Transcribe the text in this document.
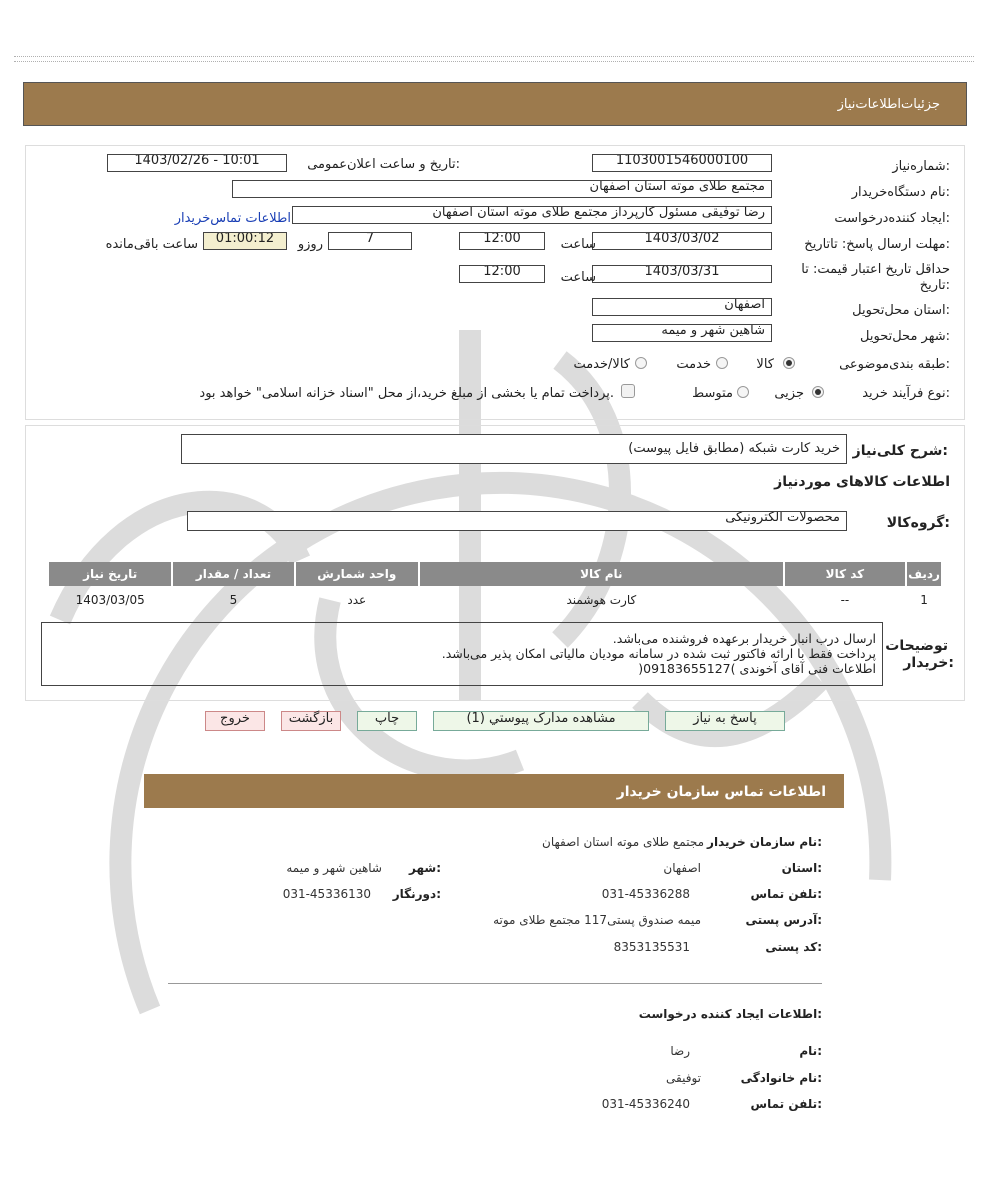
جزئیات‌اطلاعات‌نیاز
شماره‌نیاز:
1103001546000100
تاریخ و ساعت اعلان‌عمومی:
1403/02/26 - 10:01
نام دستگاه‌خریدار:
مجتمع طلای موته استان اصفهان
ایجاد کننده‌درخواست:
رضا توفیقی مسئول کارپرداز مجتمع طلای موته استان اصفهان
اطلاعات تماس‌خریدار
مهلت ارسال پاسخ: تاتاریخ:
1403/03/02
ساعت
12:00
7
روزو
01:00:12
ساعت باقی‌مانده
حداقل تاریخ اعتبار قیمت: تا تاریخ:
1403/03/31
ساعت
12:00
استان محل‌تحویل:
اصفهان
شهر محل‌تحویل:
شاهین شهر و میمه
طبقه بندی‌موضوعی:
کالا
خدمت
کالا/خدمت
نوع فرآیند خرید:
جزیی
متوسط
پرداخت تمام یا بخشی از مبلغ خرید،از محل "اسناد خزانه اسلامی" خواهد بود.
شرح کلی‌نیاز:
خرید کارت شبکه (مطابق فایل پیوست)
اطلاعات کالاهای مورد‌نیاز
گروه‌کالا:
محصولات الکترونیکی
ردیف	کد کالا	نام کالا	واحد شمارش	تعداد / مقدار	تاریخ نیاز
1	--	کارت هوشمند	عدد	5	1403/03/05
توضیحات
خریدار:
ارسال درب انبار خریدار برعهده فروشنده می‌باشد.
پرداخت فقط با ارائه فاکتور ثبت شده در سامانه مودیان مالیاتی امکان پذیر می‌باشد.
اطلاعات فنی آقای آخوندی )09183655127(
پاسخ به نیاز
مشاهده مدارک پیوستي (1)
چاپ
بازگشت
خروج
اطلاعات تماس سازمان خریدار
نام سازمان خریدار:
مجتمع طلای موته استان اصفهان
استان:
اصفهان
شهر:
شاهین شهر و میمه
تلفن تماس:
031-45336288
دورنگار:
031-45336130
آدرس پستی:
میمه صندوق پستی117 مجتمع طلای موته
کد پستی:
8353135531
اطلاعات ایجاد کننده درخواست:
نام:
رضا
نام خانوادگی:
توفیقی
تلفن تماس:
031-45336240
